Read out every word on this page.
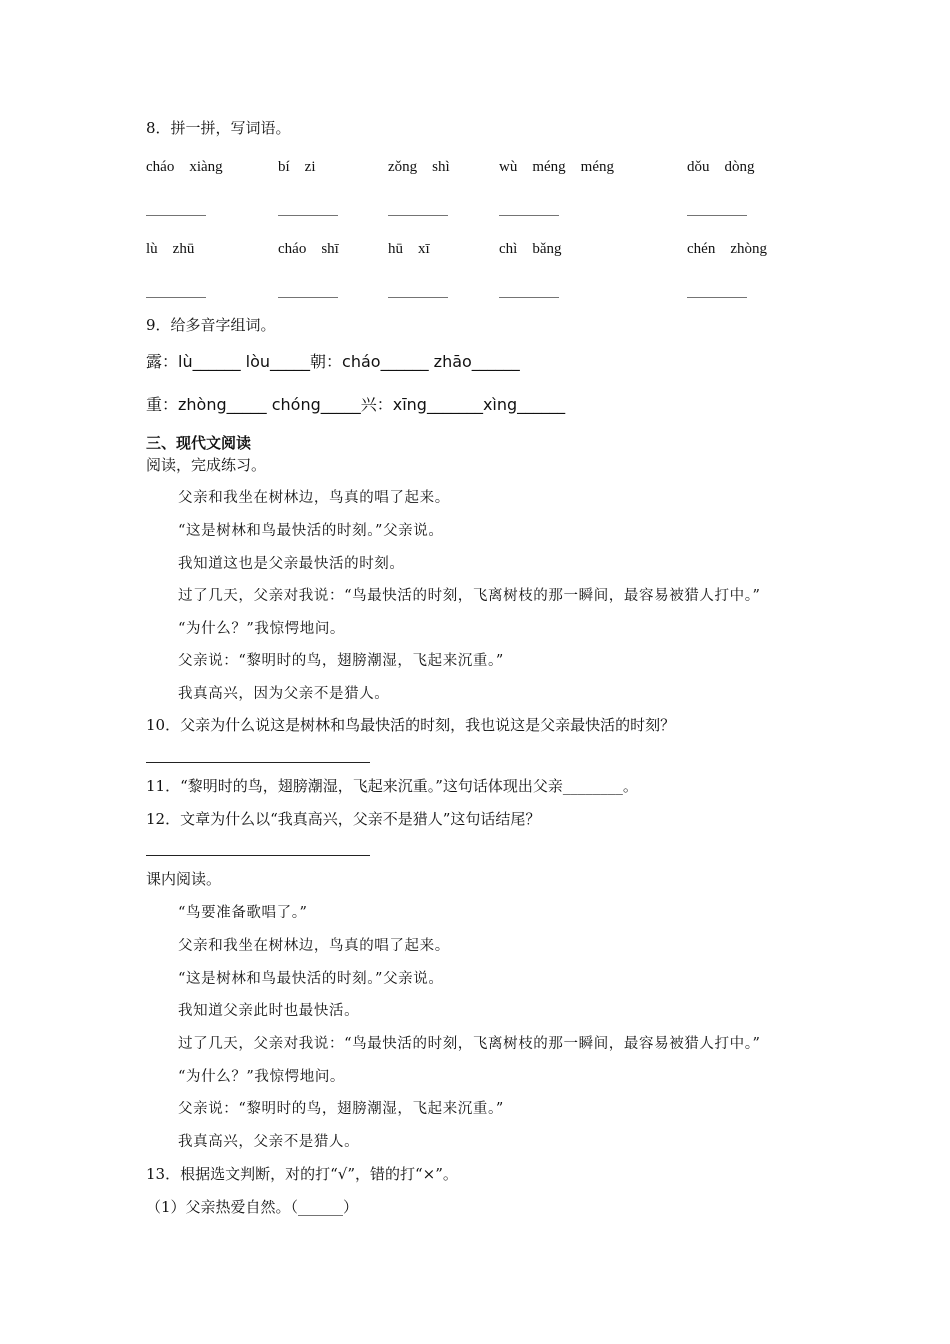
8．拼一拼，写词语。
cháo　xiàng	bí　zi	zǒng　shì	wù　méng　méng	dǒu　dòng
________	________	________	________	________
lù　zhū	cháo　shī	hū　xī	chì　bǎng	chén　zhòng
________	________	________	________	________
9．给多音字组词。
露：lù______ lòu_____朝：cháo______ zhāo______
重：zhòng_____ chóng_____兴：xīng_______xìng______
三、现代文阅读
阅读，完成练习。
父亲和我坐在树林边，鸟真的唱了起来。
“这是树林和鸟最快活的时刻。”父亲说。
我知道这也是父亲最快活的时刻。
过了几天，父亲对我说：“鸟最快活的时刻，飞离树枝的那一瞬间，最容易被猎人打中。”
“为什么？”我惊愕地问。
父亲说：“黎明时的鸟，翅膀潮湿，飞起来沉重。”
我真高兴，因为父亲不是猎人。
10．父亲为什么说这是树林和鸟最快活的时刻，我也说这是父亲最快活的时刻？
11．“黎明时的鸟，翅膀潮湿，飞起来沉重。”这句话体现出父亲________。
12．文章为什么以“我真高兴，父亲不是猎人”这句话结尾？
课内阅读。
“鸟要准备歌唱了。”
父亲和我坐在树林边，鸟真的唱了起来。
“这是树林和鸟最快活的时刻。”父亲说。
我知道父亲此时也最快活。
过了几天，父亲对我说：“鸟最快活的时刻，飞离树枝的那一瞬间，最容易被猎人打中。”
“为什么？”我惊愕地问。
父亲说：“黎明时的鸟，翅膀潮湿，飞起来沉重。”
我真高兴，父亲不是猎人。
13．根据选文判断，对的打“√”，错的打“×”。
（1）父亲热爱自然。（______）
